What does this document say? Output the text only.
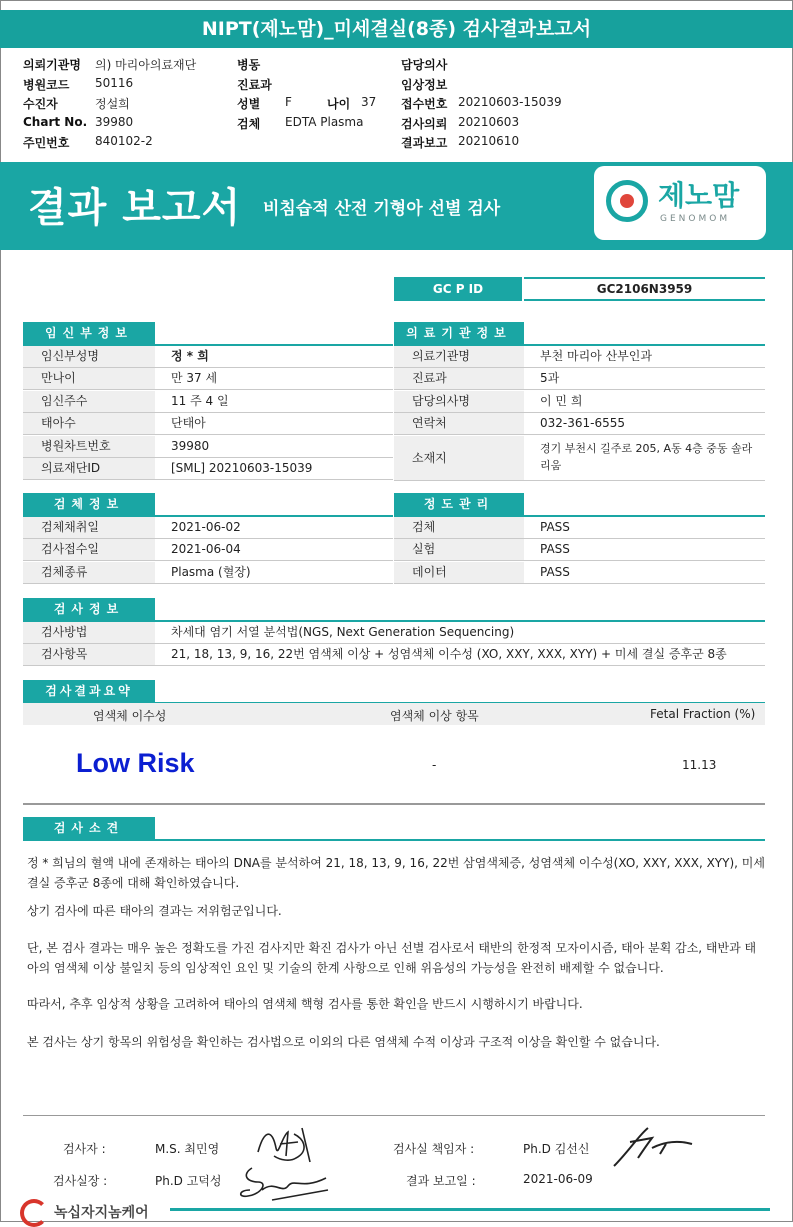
NIPT(제노맘)_미세결실(8종) 검사결과보고서
의뢰기관명 의) 마리아의료재단
병원코드 50116
수진자	정설희
Chart No. 39980
주민번호 840102-2
병동
진료과
성별 F	나이 37
검체 EDTA Plasma
담당의사
임상정보
접수번호 20210603-15039
검사의뢰 20210603
결과보고 20210610
결과 보고서 비침습적 산전 기형아 선별 검사	제노맘
GENOMOM
GC P ID	GC2106N3959
임신부정보	의료기관정보
검체정보	정도관리
검사정보
검사결과요약
염색체 이수성	염색체 이상 항목	Fetal Fraction (%)
Low Risk	-	11.13
검사소견
정 * 희님의 혈액 내에 존재하는 태아의 DNA를 분석하여 21, 18, 13, 9, 16, 22번 삼염색체증, 성염색체 이수성(XO, XXY, XXX, XYY), 미세 결실 증후군 8종에 대해 확인하였습니다.
상기 검사에 따른 태아의 결과는 저위험군입니다.
단, 본 검사 결과는 매우 높은 정확도를 가진 검사지만 확진 검사가 아닌 선별 검사로서 태반의 한정적 모자이시즘, 태아 분획 감소, 태반과 태아의 염색체 이상 불일치 등의 임상적인 요인 및 기술의 한계 사항으로 인해 위음성의 가능성을 완전히 배제할 수 없습니다.
따라서, 추후 임상적 상황을 고려하여 태아의 염색체 핵형 검사를 통한 확인을 반드시 시행하시기 바랍니다.
본 검사는 상기 항목의 위험성을 확인하는 검사법으로 이외의 다른 염색체 수적 이상과 구조적 이상을 확인할 수 없습니다.
검사자 :	M.S. 최민영	검사실 책임자 :	Ph.D 김선신
검사실장 :	Ph.D 고덕성	결과 보고일 :	2021-06-09
녹십자지놈케어
임신부성명	정 * 희
만나이	만 37 세
임신주수	11 주 4 일
태아수	단태아
병원차트번호	39980
의료재단ID	[SML] 20210603-15039
의료기관명	부천 마리아 산부인과
진료과	5과
담당의사명	이 민 희
연락처	032-361-6555
소재지
경기 부천시 길주로 205, A동 4층 중동 솔라리움
검체채취일	2021-06-02
검사접수일	2021-06-04
검체종류	Plasma (혈장)
검체	PASS
실험	PASS
데이터	PASS
검사방법	차세대 염기 서열 분석법(NGS, Next Generation Sequencing)
검사항목	21, 18, 13, 9, 16, 22번 염색체 이상 + 성염색체 이수성 (XO, XXY, XXX, XYY) + 미세 결실 증후군 8종
